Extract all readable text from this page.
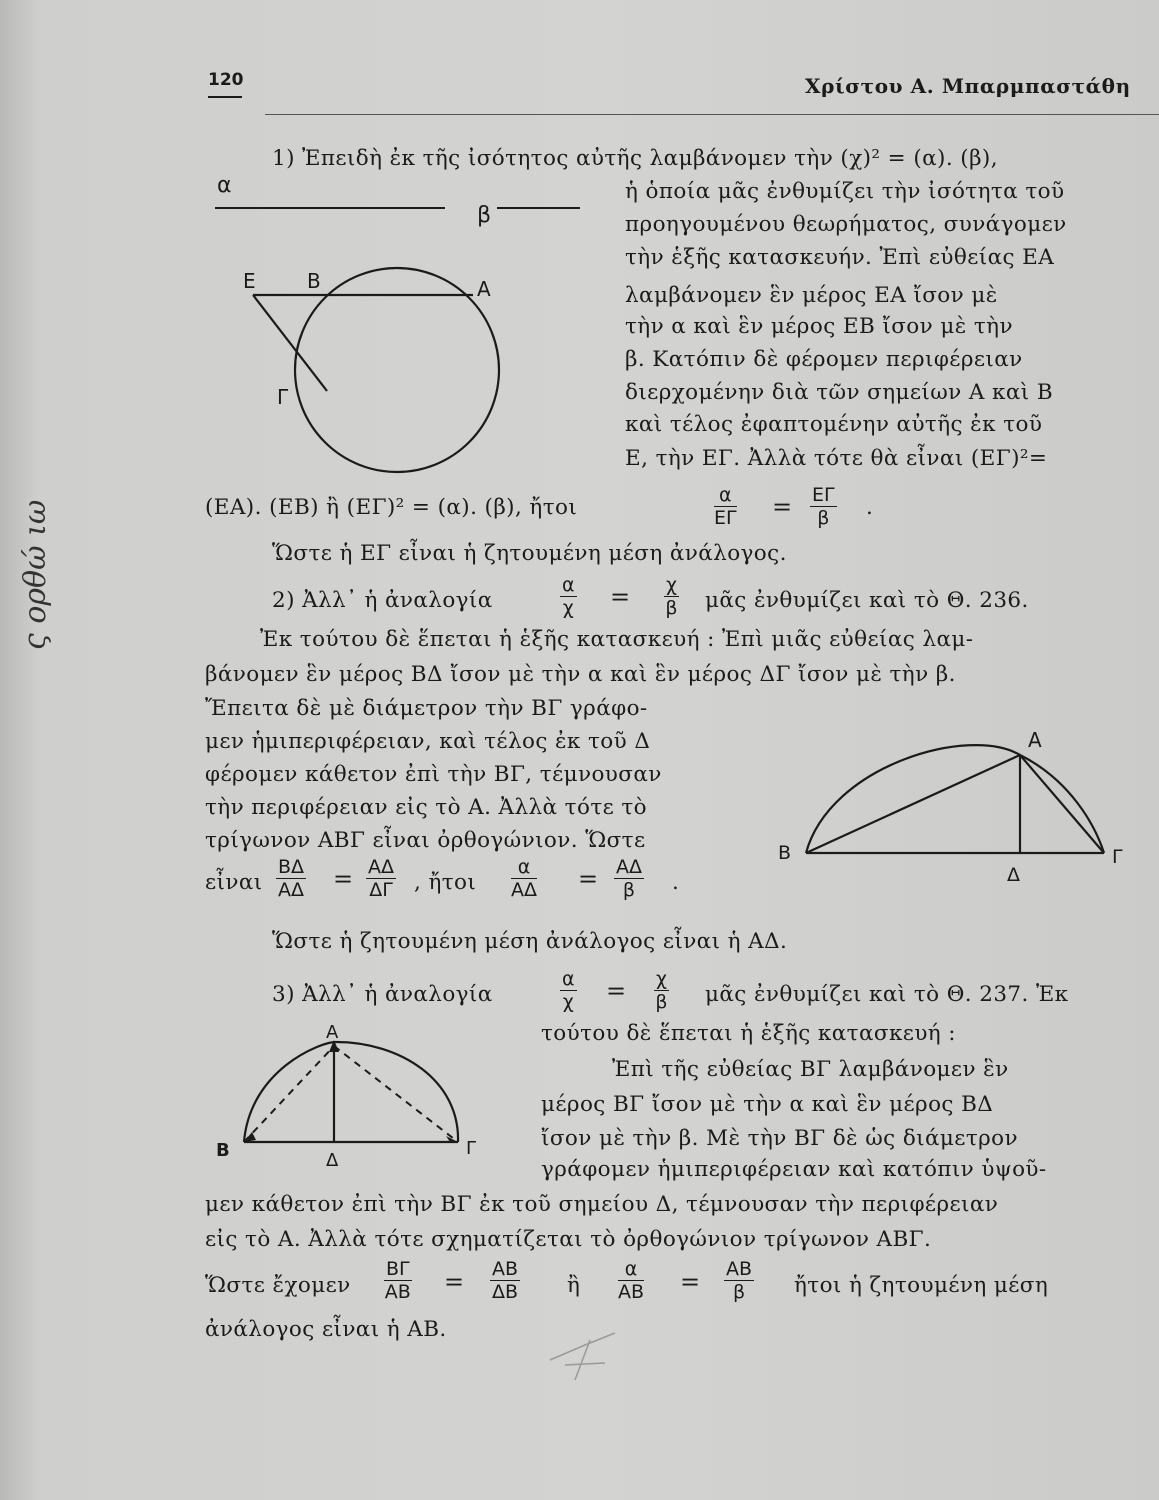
120	Χρίστου Α. Μπαρμπαστάθη
ς ορθώ ιω
α
β
Ε	Β	Α
Γ
1) Ἐπειδὴ ἐκ τῆς ἰσότητος αὐτῆς λαμβάνομεν τὴν (χ)² = (α). (β),
ἡ ὁποία μᾶς ἐνθυμίζει τὴν ἰσότητα τοῦ
προηγουμένου θεωρήματος, συνάγομεν
τὴν ἑξῆς κατασκευήν. Ἐπὶ εὐθείας ΕΑ
λαμβάνομεν ἓν μέρος ΕΑ ἴσον μὲ
τὴν α καὶ ἓν μέρος ΕΒ ἴσον μὲ τὴν
β. Κατόπιν δὲ φέρομεν περιφέρειαν
διερχομένην διὰ τῶν σημείων Α καὶ Β
καὶ τέλος ἐφαπτομένην αὐτῆς ἐκ τοῦ
Ε, τὴν ΕΓ. Ἀλλὰ τότε θὰ εἶναι (ΕΓ)²=
(ΕΑ). (ΕΒ) ἢ (ΕΓ)² = (α). (β), ἤτοι	$\frac{\alpha}{E\Gamma} = \frac{E\Gamma}{\beta}$ .
Ὥστε ἡ ΕΓ εἶναι ἡ ζητουμένη μέση ἀνάλογος.
2) Ἀλλ᾿ ἡ ἀναλογία	$\frac{\alpha}{\chi} = \frac{\chi}{\beta}$ μᾶς ἐνθυμίζει καὶ τὸ Θ. 236.
Ἐκ τούτου δὲ ἕπεται ἡ ἑξῆς κατασκευή : Ἐπὶ μιᾶς εὐθείας λαμ-
βάνομεν ἓν μέρος ΒΔ ἴσον μὲ τὴν α καὶ ἓν μέρος ΔΓ ἴσον μὲ τὴν β.
Ἔπειτα δὲ μὲ διάμετρον τὴν ΒΓ γράφο-
μεν ἡμιπεριφέρειαν, καὶ τέλος ἐκ τοῦ Δ
φέρομεν κάθετον ἐπὶ τὴν ΒΓ, τέμνουσαν
τὴν περιφέρειαν εἰς τὸ Α. Ἀλλὰ τότε τὸ
τρίγωνον ΑΒΓ εἶναι ὀρθογώνιον. Ὥστε
εἶναι $\frac{B\Delta}{A\Delta} = \frac{A\Delta}{\Delta\Gamma}$ , ἤτοι $\frac{\alpha}{A\Delta} = \frac{A\Delta}{\beta}$ .
Α
Β
Δ
Γ
Ὥστε ἡ ζητουμένη μέση ἀνάλογος εἶναι ἡ ΑΔ.
3) Ἀλλ᾿ ἡ ἀναλογία	$\frac{\alpha}{\chi} = \frac{\chi}{\beta}$ μᾶς ἐνθυμίζει καὶ τὸ Θ. 237. Ἐκ
τούτου δὲ ἕπεται ἡ ἑξῆς κατασκευή :
Ἐπὶ τῆς εὐθείας ΒΓ λαμβάνομεν ἓν
μέρος ΒΓ ἴσον μὲ τὴν α καὶ ἓν μέρος ΒΔ
ἴσον μὲ τὴν β. Μὲ τὴν ΒΓ δὲ ὡς διάμετρον
γράφομεν ἡμιπεριφέρειαν καὶ κατόπιν ὑψοῦ-
Α
Β	Δ
Γ
μεν κάθετον ἐπὶ τὴν ΒΓ ἐκ τοῦ σημείου Δ, τέμνουσαν τὴν περιφέρειαν
εἰς τὸ Α. Ἀλλὰ τότε σχηματίζεται τὸ ὀρθογώνιον τρίγωνον ΑΒΓ.
Ὥστε ἔχομεν $\frac{B\Gamma}{AB} = \frac{AB}{\Delta B}$ ἢ $\frac{\alpha}{AB} = \frac{AB}{\beta}$ ἤτοι ἡ ζητουμένη μέση
ἀνάλογος εἶναι ἡ ΑΒ.
